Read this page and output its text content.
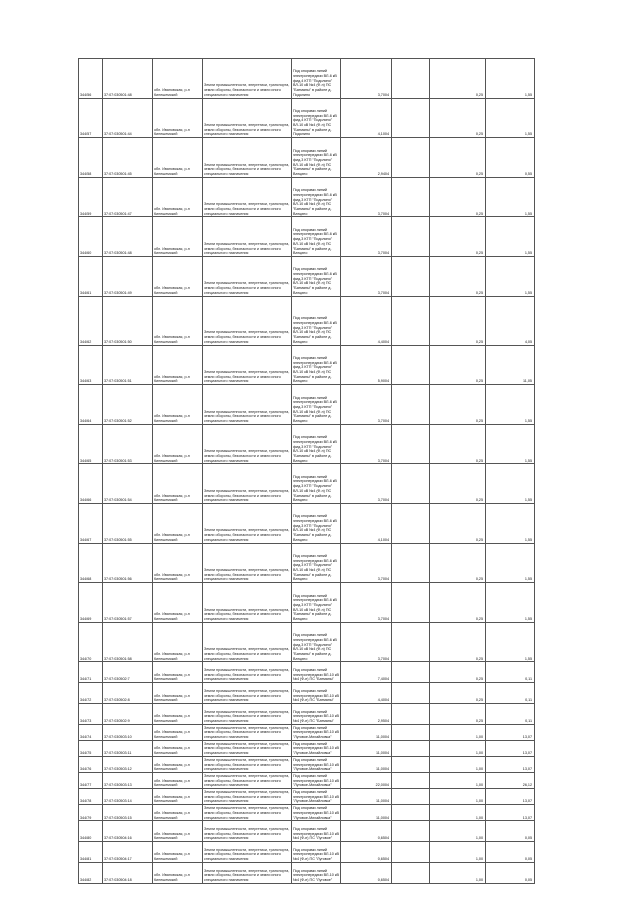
344/56	37:07:030501:48	обл. Ивановская, р-н Кинешемский	Земли промышленности, энергетики, транспорта, земли обороны, безопасности и земли иного специального назначения	Под опорами линий электропередачи ВЛ-6 кВ фид.4 КТП "Подолино" ВЛ-10 кВ №4 (Ф-п) ПС "Батманы" в районе д. Подолино	3,7004		0,25	1,55
344/57	37:07:030501:44	обл. Ивановская, р-н Кинешемский	Земли промышленности, энергетики, транспорта, земли обороны, безопасности и земли иного специального назначения	Под опорами линий электропередачи ВЛ-6 кВ фид.4 КТП "Подолино" ВЛ-10 кВ №4 (Ф-п) ПС "Батманы" в районе д. Подолино	4,1004		0,25	1,55
344/58	37:07:030501:45	обл. Ивановская, р-н Кинешемский	Земли промышленности, энергетики, транспорта, земли обороны, безопасности и земли иного специального назначения	Под опорами линий электропередачи ВЛ-6 кВ фид.3 КТП "Подолино" ВЛ-10 кВ №4 (Ф-п) ПС "Батманы" в районе д. Ватцино	2,9404		0,25	0,55
344/59	37:07:030501:47	обл. Ивановская, р-н Кинешемский	Земли промышленности, энергетики, транспорта, земли обороны, безопасности и земли иного специального назначения	Под опорами линий электропередачи ВЛ-6 кВ фид.3 КТП "Подолино" ВЛ-10 кВ №4 (Ф-п) ПС "Батманы" в районе д. Ватцино	3,7004		0,25	1,55
344/60	37:07:030501:48	обл. Ивановская, р-н Кинешемский	Земли промышленности, энергетики, транспорта, земли обороны, безопасности и земли иного специального назначения	Под опорами линий электропередачи ВЛ-6 кВ фид.3 КТП "Подолино" ВЛ-10 кВ №4 (Ф-п) ПС "Батманы" в районе д. Ватцино	3,7004		0,25	1,55
344/61	37:07:030501:49	обл. Ивановская, р-н Кинешемский	Земли промышленности, энергетики, транспорта, земли обороны, безопасности и земли иного специального назначения	Под опорами линий электропередачи ВЛ-6 кВ фид.3 КТП "Подолино" ВЛ-10 кВ №4 (Ф-п) ПС "Батманы" в районе д. Ватцино	3,7004		0,25	1,55
344/62	37:07:030501:50	обл. Ивановская, р-н Кинешемский	Земли промышленности, энергетики, транспорта, земли обороны, безопасности и земли иного специального назначения	Под опорами линий электропередачи ВЛ-6 кВ фид.3 КТП "Подолино" ВЛ-10 кВ №4 (Ф-п) ПС "Батманы" в районе д. Ватцино	4,4004		0,25	4,05
344/63	37:07:030501:51	обл. Ивановская, р-н Кинешемский	Земли промышленности, энергетики, транспорта, земли обороны, безопасности и земли иного специального назначения	Под опорами линий электропередачи ВЛ-6 кВ фид.3 КТП "Подолино" ВЛ-10 кВ №4 (Ф-п) ПС "Батманы" в районе д. Ватцино	5,9004		0,25	11,05
344/64	37:07:030501:52	обл. Ивановская, р-н Кинешемский	Земли промышленности, энергетики, транспорта, земли обороны, безопасности и земли иного специального назначения	Под опорами линий электропередачи ВЛ-6 кВ фид.3 КТП "Подолино" ВЛ-10 кВ №4 (Ф-п) ПС "Батманы" в районе д. Ватцино	3,7004		0,25	1,55
344/65	37:07:030501:53	обл. Ивановская, р-н Кинешемский	Земли промышленности, энергетики, транспорта, земли обороны, безопасности и земли иного специального назначения	Под опорами линий электропередачи ВЛ-6 кВ фид.3 КТП "Подолино" ВЛ-10 кВ №4 (Ф-п) ПС "Батманы" в районе д. Ватцино	3,7004		0,25	1,55
344/66	37:07:030501:54	обл. Ивановская, р-н Кинешемский	Земли промышленности, энергетики, транспорта, земли обороны, безопасности и земли иного специального назначения	Под опорами линий электропередачи ВЛ-6 кВ фид.3 КТП "Подолино" ВЛ-10 кВ №4 (Ф-п) ПС "Батманы" в районе д. Ватцино	3,7004		0,25	1,55
344/67	37:07:030501:55	обл. Ивановская, р-н Кинешемский	Земли промышленности, энергетики, транспорта, земли обороны, безопасности и земли иного специального назначения	Под опорами линий электропередачи ВЛ-6 кВ фид.3 КТП "Подолино" ВЛ-10 кВ №4 (Ф-п) ПС "Батманы" в районе д. Ватцино	4,1004		0,25	1,55
344/68	37:07:030501:56	обл. Ивановская, р-н Кинешемский	Земли промышленности, энергетики, транспорта, земли обороны, безопасности и земли иного специального назначения	Под опорами линий электропередачи ВЛ-6 кВ фид.3 КТП "Подолино" ВЛ-10 кВ №4 (Ф-п) ПС "Батманы" в районе д. Ватцино	3,7004		0,25	1,55
344/69	37:07:030501:57	обл. Ивановская, р-н Кинешемский	Земли промышленности, энергетики, транспорта, земли обороны, безопасности и земли иного специального назначения	Под опорами линий электропередачи ВЛ-6 кВ фид.3 КТП "Подолино" ВЛ-10 кВ №4 (Ф-п) ПС "Батманы" в районе д. Ватцино	3,7004		0,25	1,55
344/70	37:07:030501:58	обл. Ивановская, р-н Кинешемский	Земли промышленности, энергетики, транспорта, земли обороны, безопасности и земли иного специального назначения	Под опорами линий электропередачи ВЛ-6 кВ фид.3 КТП "Подолино" ВЛ-10 кВ №4 (Ф-п) ПС "Батманы" в районе д. Ватцино	3,7004		0,25	1,55
344/71	37:07:030502:7	обл. Ивановская, р-н Кинешемский	Земли промышленности, энергетики, транспорта, земли обороны, безопасности и земли иного специального назначения	Под опорами линий электропередачи ВЛ-10 кВ №4 (Ф-п) ПС "Батманы"	7,4004		0,25	0,11
344/72	37:07:030502:8	обл. Ивановская, р-н Кинешемский	Земли промышленности, энергетики, транспорта, земли обороны, безопасности и земли иного специального назначения	Под опорами линий электропередачи ВЛ-10 кВ №4 (Ф-п) ПС "Батманы"	4,4004		0,25	0,11
344/73	37:07:030502:9	обл. Ивановская, р-н Кинешемский	Земли промышленности, энергетики, транспорта, земли обороны, безопасности и земли иного специального назначения	Под опорами линий электропередачи ВЛ-10 кВ №4 (Ф-п) ПС "Батманы"	2,9504		0,25	0,11
344/74	37:07:030503:10	обл. Ивановская, р-н Кинешемский	Земли промышленности, энергетики, транспорта, земли обороны, безопасности и земли иного специального назначения	Под опорами линий электропередачи ВЛ-10 кВ "Луговое-Михайловка"	11,0004		1,00	13,07
344/75	37:07:030503:11	обл. Ивановская, р-н Кинешемский	Земли промышленности, энергетики, транспорта, земли обороны, безопасности и земли иного специального назначения	Под опорами линий электропередачи ВЛ-10 кВ "Луговое-Михайловка"	11,0004		1,00	13,07
344/76	37:07:030503:12	обл. Ивановская, р-н Кинешемский	Земли промышленности, энергетики, транспорта, земли обороны, безопасности и земли иного специального назначения	Под опорами линий электропередачи ВЛ-10 кВ "Луговое-Михайловка"	11,0004		1,00	13,07
344/77	37:07:030503:13	обл. Ивановская, р-н Кинешемский	Земли промышленности, энергетики, транспорта, земли обороны, безопасности и земли иного специального назначения	Под опорами линий электропередачи ВЛ-10 кВ "Луговое-Михайловка"	22,0004		1,00	26,12
344/78	37:07:030503:14	обл. Ивановская, р-н Кинешемский	Земли промышленности, энергетики, транспорта, земли обороны, безопасности и земли иного специального назначения	Под опорами линий электропередачи ВЛ-10 кВ "Луговое-Михайловка"	11,0004		1,00	13,07
344/79	37:07:030503:15	обл. Ивановская, р-н Кинешемский	Земли промышленности, энергетики, транспорта, земли обороны, безопасности и земли иного специального назначения	Под опорами линий электропередачи ВЛ-10 кВ "Луговое-Михайловка"	11,0004		1,00	13,07
344/80	37:07:030504:16	обл. Ивановская, р-н Кинешемский	Земли промышленности, энергетики, транспорта, земли обороны, безопасности и земли иного специального назначения	Под опорами линий электропередачи ВЛ-10 кВ №4 (Ф-п) ПС "Луговое"	0,6504		1,00	0,05
344/81	37:07:030504:17	обл. Ивановская, р-н Кинешемский	Земли промышленности, энергетики, транспорта, земли обороны, безопасности и земли иного специального назначения	Под опорами линий электропередачи ВЛ-10 кВ №4 (Ф-п) ПС "Луговое"	0,6504		1,00	0,05
344/82	37:07:030504:18	обл. Ивановская, р-н Кинешемский	Земли промышленности, энергетики, транспорта, земли обороны, безопасности и земли иного специального назначения	Под опорами линий электропередачи ВЛ-10 кВ №4 (Ф-п) ПС "Луговое"	0,6504		1,00	0,05
